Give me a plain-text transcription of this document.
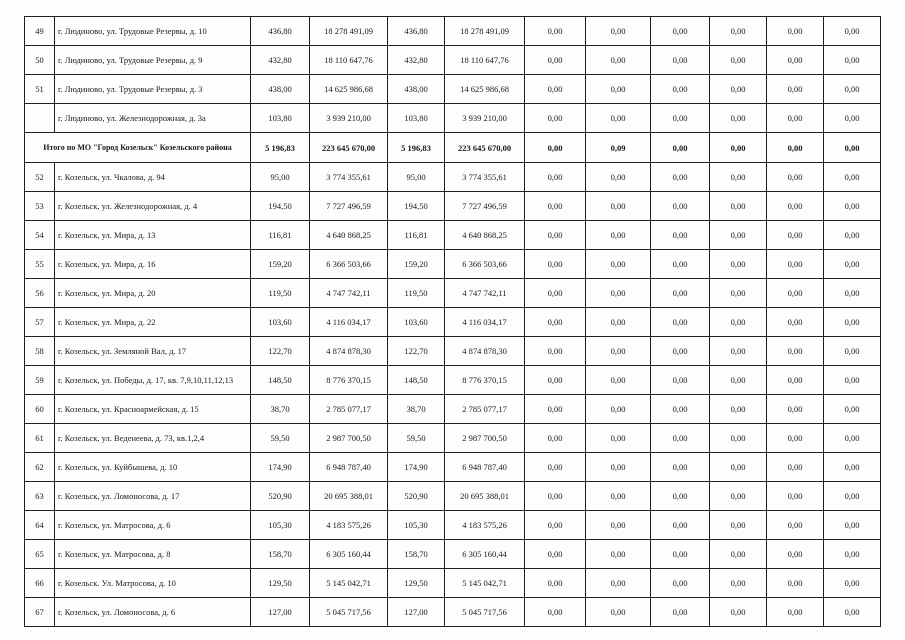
49	г. Людиново, ул. Трудовые Резервы, д. 10	436,80	18 278 491,09	436,80	18 278 491,09	0,00	0,00	0,00	0,00	0,00	0,00
50	г. Людиново, ул. Трудовые Резервы, д. 9	432,80	18 110 647,76	432,80	18 110 647,76	0,00	0,00	0,00	0,00	0,00	0,00
51	г. Людиново, ул. Трудовые Резервы, д. 3	438,00	14 625 986,68	438,00	14 625 986,68	0,00	0,00	0,00	0,00	0,00	0,00
	г. Людиново, ул. Железнодорожная, д. 3а	103,80	3 939 210,00	103,80	3 939 210,00	0,00	0,00	0,00	0,00	0,00	0,00
Итого по МО "Город Козельск" Козельского района		5 196,83	223 645 670,00	5 196,83	223 645 670,00	0,00	0,09	0,00	0,00	0,00	0,00
52	г. Козельск, ул. Чкалова, д. 94	95,00	3 774 355,61	95,00	3 774 355,61	0,00	0,00	0,00	0,00	0,00	0,00
53	г. Козельск, ул. Железнодорожная, д. 4	194,50	7 727 496,59	194,50	7 727 496,59	0,00	0,00	0,00	0,00	0,00	0,00
54	г. Козельск, ул. Мира, д. 13	116,81	4 640 868,25	116,81	4 640 868,25	0,00	0,00	0,00	0,00	0,00	0,00
55	г. Козельск, ул. Мира, д. 16	159,20	6 366 503,66	159,20	6 366 503,66	0,00	0,00	0,00	0,00	0,00	0,00
56	г. Козельск, ул. Мира, д. 20	119,50	4 747 742,11	119,50	4 747 742,11	0,00	0,00	0,00	0,00	0,00	0,00
57	г. Козельск, ул. Мира, д. 22	103,60	4 116 034,17	103,60	4 116 034,17	0,00	0,00	0,00	0,00	0,00	0,00
58	г. Козельск, ул. Земляной Вал, д. 17	122,70	4 874 878,30	122,70	4 874 878,30	0,00	0,00	0,00	0,00	0,00	0,00
59	г. Козельск, ул. Победы, д. 17, кв. 7,9,10,11,12,13	148,50	8 776 370,15	148,50	8 776 370,15	0,00	0,00	0,00	0,00	0,00	0,00
60	г. Козельск, ул. Красноармейская, д. 15	38,70	2 785 077,17	38,70	2 785 077,17	0,00	0,00	0,00	0,00	0,00	0,00
61	г. Козельск, ул. Веденеева, д. 73, кв.1,2,4	59,50	2 987 700,50	59,50	2 987 700,50	0,00	0,00	0,00	0,00	0,00	0,00
62	г. Козельск, ул. Куйбышева, д. 10	174,90	6 948 787,40	174,90	6 948 787,40	0,00	0,00	0,00	0,00	0,00	0,00
63	г. Козельск, ул. Ломоносова, д. 17	520,90	20 695 388,01	520,90	20 695 388,01	0,00	0,00	0,00	0,00	0,00	0,00
64	г. Козельск, ул. Матросова, д. 6	105,30	4 183 575,26	105,30	4 183 575,26	0,00	0,00	0,00	0,00	0,00	0,00
65	г. Козельск, ул. Матросова, д. 8	158,70	6 305 160,44	158,70	6 305 160,44	0,00	0,00	0,00	0,00	0,00	0,00
66	г. Козельск. Ул. Матросова, д. 10	129,50	5 145 042,71	129,50	5 145 042,71	0,00	0,00	0,00	0,00	0,00	0,00
67	г. Козельск, ул. Ломоносова, д. 6	127,00	5 045 717,56	127,00	5 045 717,56	0,00	0,00	0,00	0,00	0,00	0,00
